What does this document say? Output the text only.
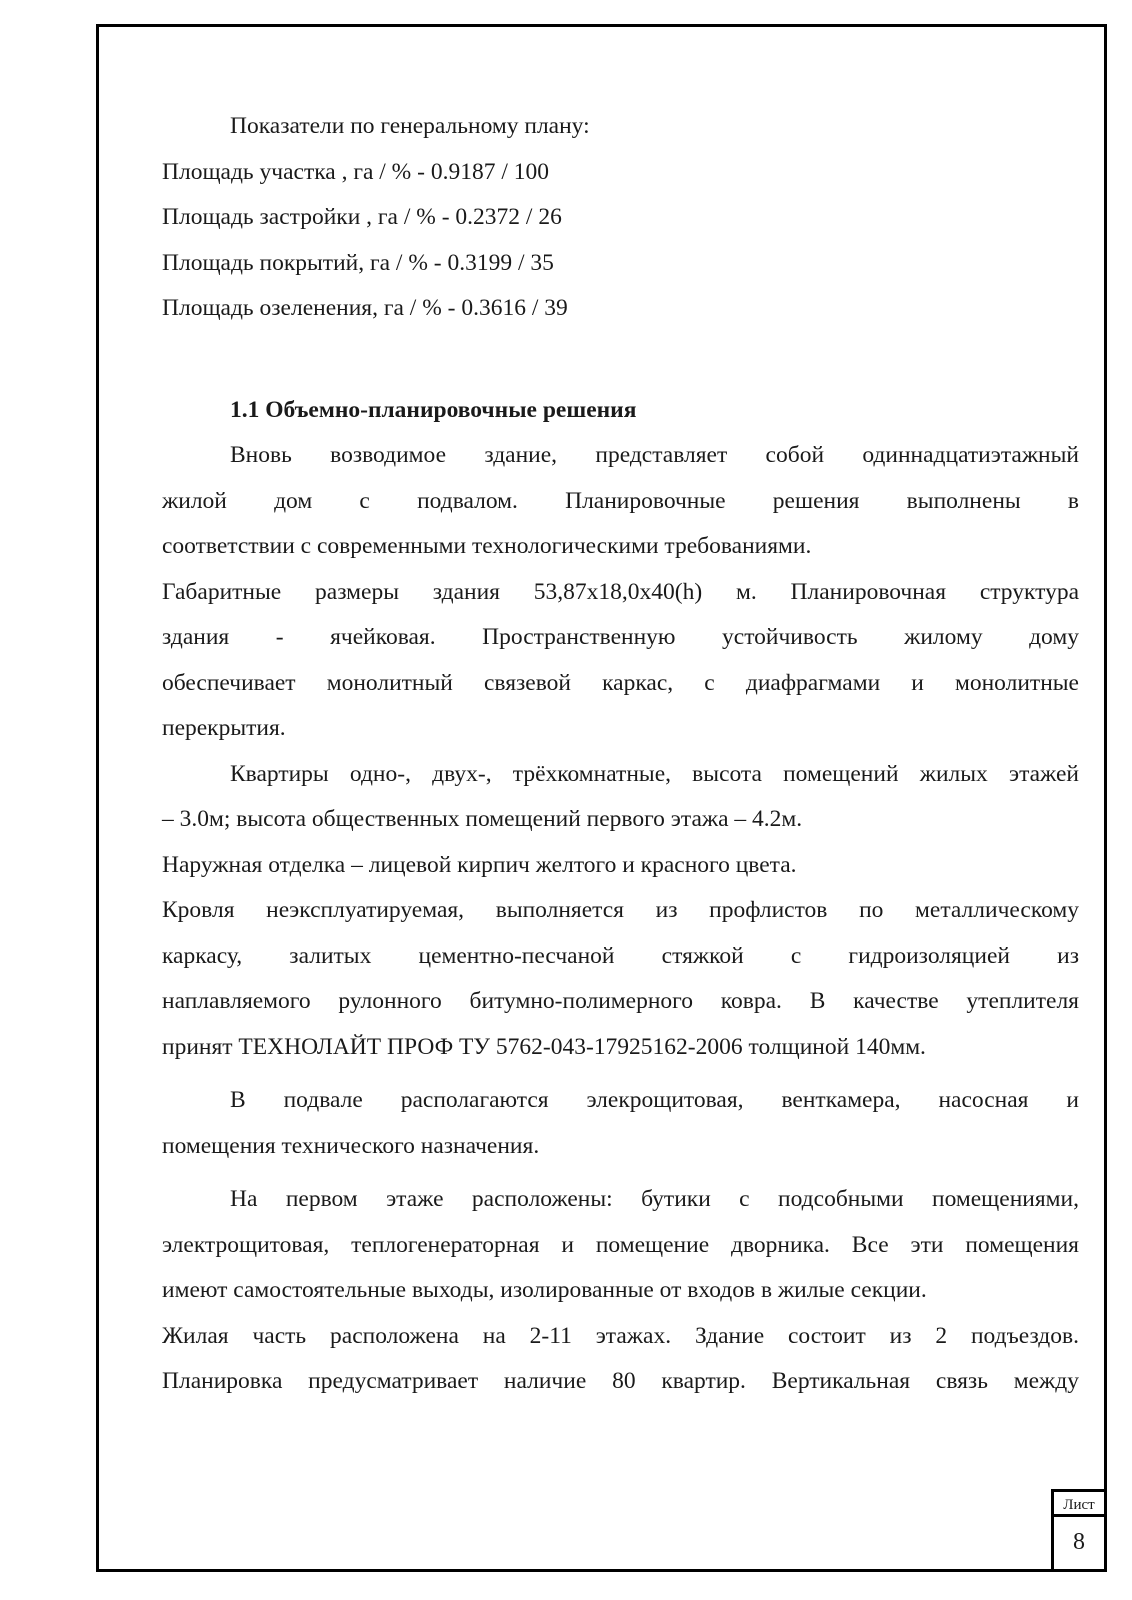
Показатели по генеральному плану:
Площадь участка , га / % - 0.9187 / 100
Площадь застройки , га / % - 0.2372 / 26
Площадь покрытий, га / % - 0.3199 / 35
Площадь озеленения, га / % - 0.3616 / 39
1.1 Объемно-планировочные решения
Вновь возводимое здание, представляет собой одиннадцатиэтажный
жилой дом с подвалом. Планировочные решения выполнены в
соответствии с современными технологическими требованиями.
Габаритные размеры здания 53,87х18,0х40(h) м. Планировочная структура
здания - ячейковая. Пространственную устойчивость жилому дому
обеспечивает монолитный связевой каркас, с диафрагмами и монолитные
перекрытия.
Квартиры одно-, двух-, трёхкомнатные, высота помещений жилых этажей
– 3.0м; высота общественных помещений первого этажа – 4.2м.
Наружная отделка – лицевой кирпич желтого и красного цвета.
Кровля неэксплуатируемая, выполняется из профлистов по металлическому
каркасу, залитых цементно-песчаной стяжкой с гидроизоляцией из
наплавляемого рулонного битумно-полимерного ковра. В качестве утеплителя
принят ТЕХНОЛАЙТ ПРОФ ТУ 5762-043-17925162-2006 толщиной 140мм.
В подвале располагаются элекрощитовая, венткамера, насосная и
помещения технического назначения.
На первом этаже расположены: бутики с подсобными помещениями,
электрощитовая, теплогенераторная и помещение дворника. Все эти помещения
имеют самостоятельные выходы, изолированные от входов в жилые секции.
Жилая часть расположена на 2-11 этажах. Здание состоит из 2 подъездов.
Планировка предусматривает наличие 80 квартир. Вертикальная связь между
Лист
8
